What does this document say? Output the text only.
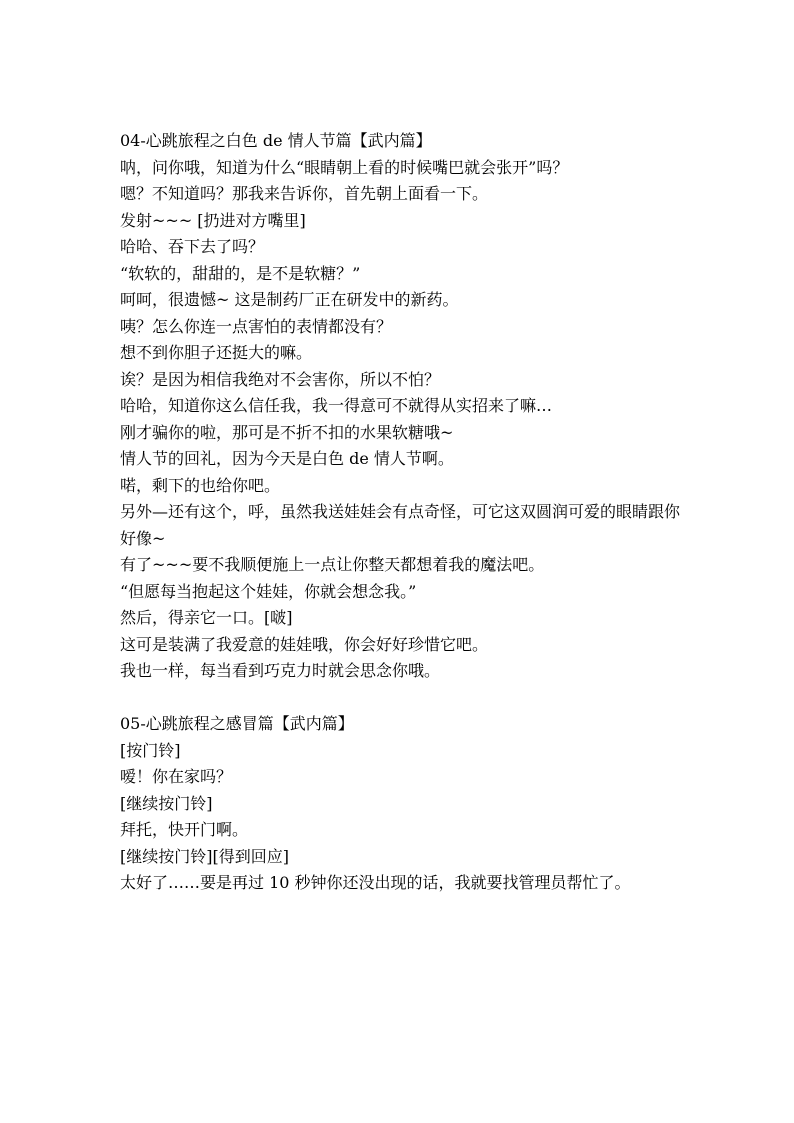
04-心跳旅程之白色 de 情人节篇【武内篇】

呐，问你哦，知道为什么“眼睛朝上看的时候嘴巴就会张开”吗？

嗯？不知道吗？那我来告诉你，首先朝上面看一下。

发射~~~ [扔进对方嘴里]

哈哈、吞下去了吗？

“软软的，甜甜的，是不是软糖？”

呵呵，很遗憾~ 这是制药厂正在研发中的新药。

咦？怎么你连一点害怕的表情都没有？

想不到你胆子还挺大的嘛。

诶？是因为相信我绝对不会害你，所以不怕？

哈哈，知道你这么信任我，我一得意可不就得从实招来了嘛…

刚才骗你的啦，那可是不折不扣的水果软糖哦~

情人节的回礼，因为今天是白色 de 情人节啊。

喏，剩下的也给你吧。

另外—还有这个，呼，虽然我送娃娃会有点奇怪，可它这双圆润可爱的眼睛跟你好像~

有了~~~要不我顺便施上一点让你整天都想着我的魔法吧。

“但愿每当抱起这个娃娃，你就会想念我。”

然后，得亲它一口。[啵]

这可是装满了我爱意的娃娃哦，你会好好珍惜它吧。

我也一样，每当看到巧克力时就会思念你哦。

05-心跳旅程之感冒篇【武内篇】

[按门铃]

嗳！你在家吗？

[继续按门铃]

拜托，快开门啊。

[继续按门铃][得到回应]

太好了……要是再过 10 秒钟你还没出现的话，我就要找管理员帮忙了。
